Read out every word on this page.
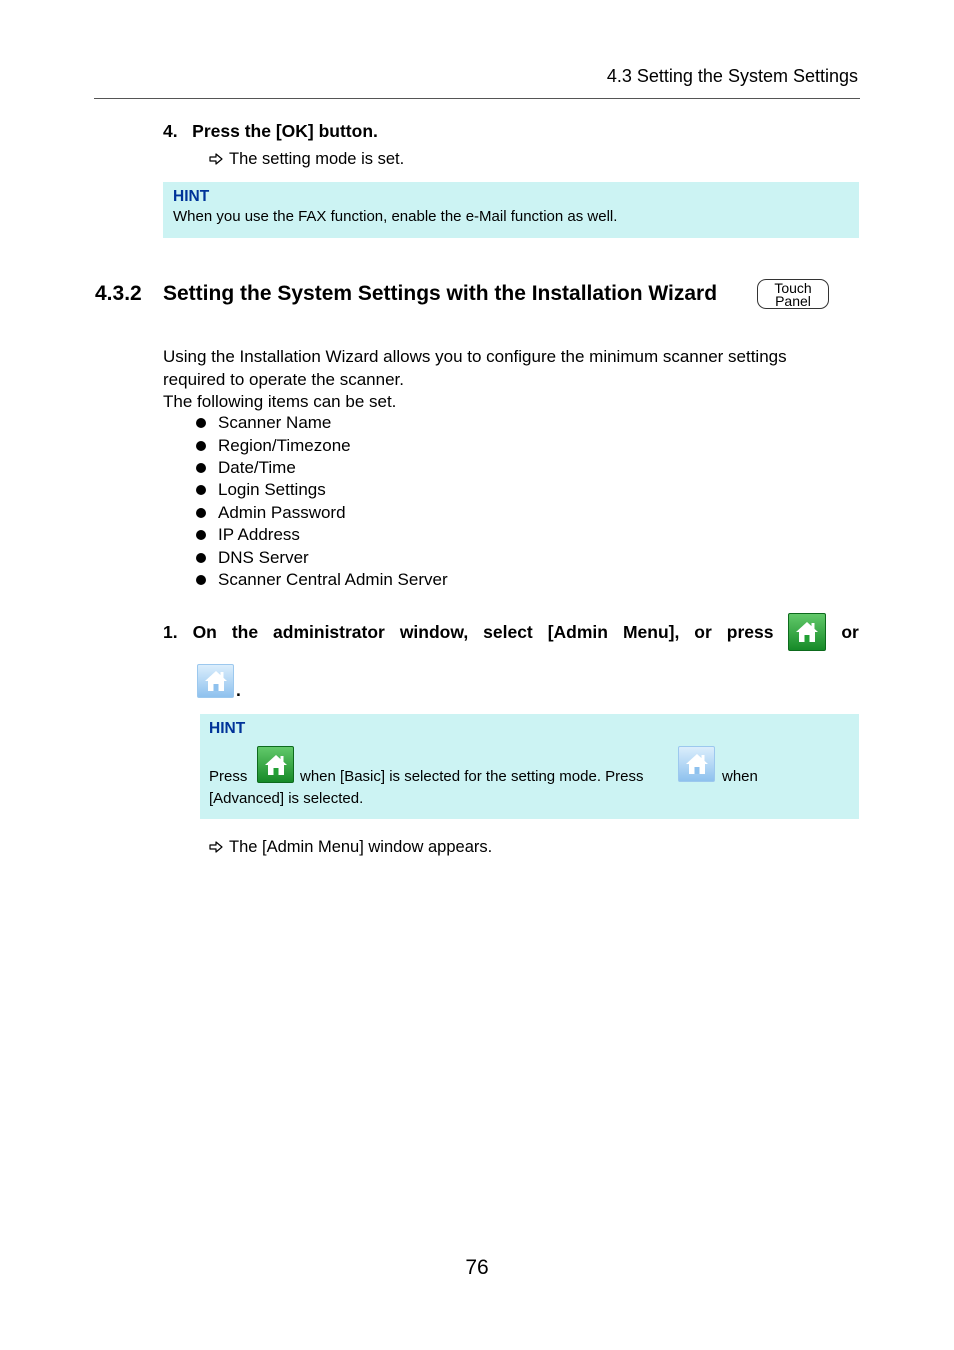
4.3 Setting the System Settings
4.   Press the [OK] button.
The setting mode is set.
HINT
When you use the FAX function, enable the e-Mail function as well.
4.3.2 Setting the System Settings with the Installation Wizard	Touch
Panel
Using the Installation Wizard allows you to configure the minimum scanner settings
required to operate the scanner.
The following items can be set.
Scanner Name
Region/Timezone
Date/Time
Login Settings
Admin Password
IP Address
DNS Server
Scanner Central Admin Server
1. On the administrator window, select [Admin Menu], or press	or
.
HINT
Press	when [Basic] is selected for the setting mode. Press	when
[Advanced] is selected.
The [Admin Menu] window appears.
76
